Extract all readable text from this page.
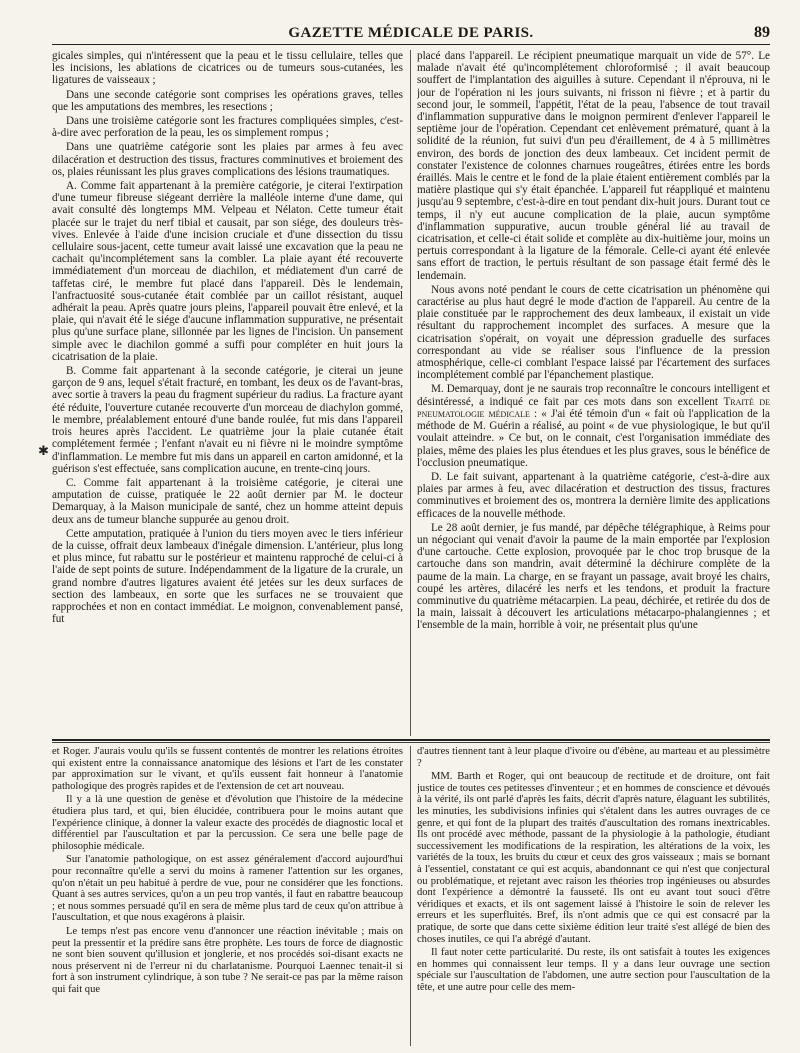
GAZETTE MÉDICALE DE PARIS.	89
✱

gicales simples, qui n'intéressent que la peau et le tissu cellulaire, telles que les incisions, les ablations de cicatrices ou de tumeurs sous-cutanées, les ligatures de vaisseaux ;

Dans une seconde catégorie sont comprises les opérations graves, telles que les amputations des membres, les resections ;

Dans une troisième catégorie sont les fractures compliquées simples, c'est-à-dire avec perforation de la peau, les os simplement rompus ;

Dans une quatrième catégorie sont les plaies par armes à feu avec dilacération et destruction des tissus, fractures comminutives et broiement des os, plaies réunissant les plus graves complications des lésions traumatiques.

A. Comme fait appartenant à la première catégorie, je citerai l'extirpation d'une tumeur fibreuse siégeant derrière la malléole interne d'une dame, qui avait consulté dès longtemps MM. Velpeau et Nélaton. Cette tumeur était placée sur le trajet du nerf tibial et causait, par son siége, des douleurs très-vives. Enlevée à l'aide d'une incision cruciale et d'une dissection du tissu cellulaire sous-jacent, cette tumeur avait laissé une excavation que la peau ne cachait qu'incomplétement sans la combler. La plaie ayant été recouverte immédiatement d'un morceau de diachilon, et médiatement d'un carré de taffetas ciré, le membre fut placé dans l'appareil. Dès le lendemain, l'anfractuosité sous-cutanée était comblée par un caillot résistant, auquel adhérait la peau. Après quatre jours pleins, l'appareil pouvait être enlevé, et la plaie, qui n'avait été le siége d'aucune inflammation suppurative, ne présentait plus qu'une surface plane, sillonnée par les lignes de l'incision. Un pansement simple avec le diachilon gommé a suffi pour compléter en huit jours la cicatrisation de la plaie.

B. Comme fait appartenant à la seconde catégorie, je citerai un jeune garçon de 9 ans, lequel s'était fracturé, en tombant, les deux os de l'avant-bras, avec sortie à travers la peau du fragment supérieur du radius. La fracture ayant été réduite, l'ouverture cutanée recouverte d'un morceau de diachylon gommé, le membre, préalablement entouré d'une bande roulée, fut mis dans l'appareil trois heures après l'accident. Le quatrième jour la plaie cutanée était complétement fermée ; l'enfant n'avait eu ni fièvre ni le moindre symptôme d'inflammation. Le membre fut mis dans un appareil en carton amidonné, et la guérison s'est effectuée, sans complication aucune, en trente-cinq jours.

C. Comme fait appartenant à la troisième catégorie, je citerai une amputation de cuisse, pratiquée le 22 août dernier par M. le docteur Demarquay, à la Maison municipale de santé, chez un homme atteint depuis deux ans de tumeur blanche suppurée au genou droit.

Cette amputation, pratiquée à l'union du tiers moyen avec le tiers inférieur de la cuisse, offrait deux lambeaux d'inégale dimension. L'antérieur, plus long et plus mince, fut rabattu sur le postérieur et maintenu rapproché de celui-ci à l'aide de sept points de suture. Indépendamment de la ligature de la crurale, un grand nombre d'autres ligatures avaient été jetées sur les deux surfaces de section des lambeaux, en sorte que les surfaces ne se trouvaient que rapprochées et non en contact immédiat. Le moignon, convenablement pansé, fut

placé dans l'appareil. Le récipient pneumatique marquait un vide de 57°. Le malade n'avait été qu'incomplétement chloroformisé ; il avait beaucoup souffert de l'implantation des aiguilles à suture. Cependant il n'éprouva, ni le jour de l'opération ni les jours suivants, ni frisson ni fièvre ; et à partir du second jour, le sommeil, l'appétit, l'état de la peau, l'absence de tout travail d'inflammation suppurative dans le moignon permirent d'enlever l'appareil le septième jour de l'opération. Cependant cet enlèvement prématuré, quant à la solidité de la réunion, fut suivi d'un peu d'éraillement, de 4 à 5 millimètres environ, des bords de jonction des deux lambeaux. Cet incident permit de constater l'existence de colonnes charnues rougeâtres, étirées entre les bords éraillés. Mais le centre et le fond de la plaie étaient entièrement comblés par la matière plastique qui s'y était épanchée. L'appareil fut réappliqué et maintenu jusqu'au 9 septembre, c'est-à-dire en tout pendant dix-huit jours. Durant tout ce temps, il n'y eut aucune complication de la plaie, aucun symptôme d'inflammation suppurative, aucun trouble général lié au travail de cicatrisation, et celle-ci était solide et complète au dix-huitième jour, moins un pertuis correspondant à la ligature de la fémorale. Celle-ci ayant été enlevée sans effort de traction, le pertuis résultant de son passage était fermé dès le lendemain.

Nous avons noté pendant le cours de cette cicatrisation un phénomène qui caractérise au plus haut degré le mode d'action de l'appareil. Au centre de la plaie constituée par le rapprochement des deux lambeaux, il existait un vide résultant du rapprochement incomplet des surfaces. A mesure que la cicatrisation s'opérait, on voyait une dépression graduelle des surfaces correspondant au vide se réaliser sous l'influence de la pression atmosphérique, celle-ci comblant l'espace laissé par l'écartement des surfaces incomplétement comblé par l'épanchement plastique.

M. Demarquay, dont je ne saurais trop reconnaître le concours intelligent et désintéressé, a indiqué ce fait par ces mots dans son excellent Traité de pneumatologie médicale : « J'ai été témoin d'un « fait où l'application de la méthode de M. Guérin a réalisé, au point « de vue physiologique, le but qu'il voulait atteindre. » Ce but, on le connait, c'est l'organisation immédiate des plaies, même des plaies les plus étendues et les plus graves, sous le bénéfice de l'occlusion pneumatique.

D. Le fait suivant, appartenant à la quatrième catégorie, c'est-à-dire aux plaies par armes à feu, avec dilacération et destruction des tissus, fractures comminutives et broiement des os, montrera la dernière limite des applications efficaces de la nouvelle méthode.

Le 28 août dernier, je fus mandé, par dépêche télégraphique, à Reims pour un négociant qui venait d'avoir la paume de la main emportée par l'explosion d'une cartouche. Cette explosion, provoquée par le choc trop brusque de la cartouche dans son mandrin, avait déterminé la déchirure complète de la paume de la main. La charge, en se frayant un passage, avait broyé les chairs, coupé les artères, dilacéré les nerfs et les tendons, et produit la fracture comminutive du quatrième métacarpien. La peau, déchirée, et retirée du dos de la main, laissait à découvert les articulations métacarpo-phalangiennes ; et l'ensemble de la main, horrible à voir, ne présentait plus qu'une

et Roger. J'aurais voulu qu'ils se fussent contentés de montrer les relations étroites qui existent entre la connaissance anatomique des lésions et l'art de les constater par approximation sur le vivant, et qu'ils eussent fait honneur à l'anatomie pathologique des progrès rapides et de l'extension de cet art nouveau.

Il y a là une question de genèse et d'évolution que l'histoire de la médecine étudiera plus tard, et qui, bien élucidée, contribuera pour le moins autant que l'expérience clinique, à donner la valeur exacte des procédés de diagnostic local et différentiel par l'auscultation et par la percussion. Ce sera une belle page de philosophie médicale.

Sur l'anatomie pathologique, on est assez généralement d'accord aujourd'hui pour reconnaître qu'elle a servi du moins à ramener l'attention sur les organes, qu'on n'était un peu habitué à perdre de vue, pour ne considérer que les fonctions. Quant à ses autres services, qu'on a un peu trop vantés, il faut en rabattre beaucoup ; et nous sommes persuadé qu'il en sera de même plus tard de ceux qu'on attribue à l'auscultation, et que nous exagérons à plaisir.

Le temps n'est pas encore venu d'annoncer une réaction inévitable ; mais on peut la pressentir et la prédire sans être prophète. Les tours de force de diagnostic ne sont bien souvent qu'illusion et jonglerie, et nos procédés soi-disant exacts ne nous préservent ni de l'erreur ni du charlatanisme. Pourquoi Laennec tenait-il si fort à son instrument cylindrique, à son tube ? Ne serait-ce pas par la même raison qui fait que

d'autres tiennent tant à leur plaque d'ivoire ou d'ébène, au marteau et au plessimètre ?

MM. Barth et Roger, qui ont beaucoup de rectitude et de droiture, ont fait justice de toutes ces petitesses d'inventeur ; et en hommes de conscience et dévoués à la vérité, ils ont parlé d'après les faits, décrit d'après nature, élaguant les subtilités, les minuties, les subdivisions infinies qui s'étalent dans les autres ouvrages de ce genre, et qui font de la plupart des traités d'auscultation des romans inextricables. Ils ont procédé avec méthode, passant de la physiologie à la pathologie, étudiant successivement les modifications de la respiration, les altérations de la voix, les variétés de la toux, les bruits du cœur et ceux des gros vaisseaux ; mais se bornant à l'essentiel, constatant ce qui est acquis, abandonnant ce qui n'est que conjectural ou problématique, et rejetant avec raison les théories trop ingénieuses ou absurdes dont l'expérience a démontré la fausseté. Ils ont eu avant tout souci d'être véridiques et exacts, et ils ont sagement laissé à l'histoire le soin de relever les erreurs et les superfluités. Bref, ils n'ont admis que ce qui est consacré par la pratique, de sorte que dans cette sixième édition leur traité s'est allégé de bien des choses inutiles, ce qui l'a abrégé d'autant.

Il faut noter cette particularité. Du reste, ils ont satisfait à toutes les exigences en hommes qui connaissent leur temps. Il y a dans leur ouvrage une section spéciale sur l'auscultation de l'abdomen, une autre section pour l'auscultation de la tête, et une autre pour celle des mem-
